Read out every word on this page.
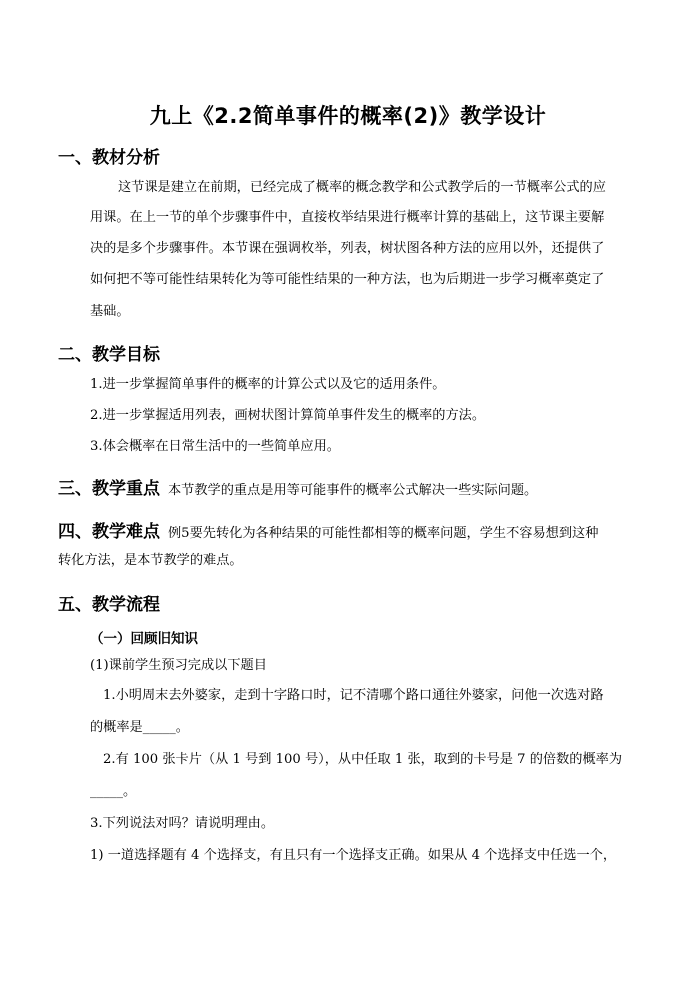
九上《2.2简单事件的概率(2)》教学设计
一、教材分析
这节课是建立在前期，已经完成了概率的概念教学和公式教学后的一节概率公式的应
用课。在上一节的单个步骤事件中，直接枚举结果进行概率计算的基础上，这节课主要解
决的是多个步骤事件。本节课在强调枚举，列表，树状图各种方法的应用以外，还提供了
如何把不等可能性结果转化为等可能性结果的一种方法，也为后期进一步学习概率奠定了
基础。
二、教学目标
1.进一步掌握简单事件的概率的计算公式以及它的适用条件。
2.进一步掌握适用列表，画树状图计算简单事件发生的概率的方法。
3.体会概率在日常生活中的一些简单应用。
三、教学重点 本节教学的重点是用等可能事件的概率公式解决一些实际问题。
四、教学难点 例5要先转化为各种结果的可能性都相等的概率问题，学生不容易想到这种
转化方法，是本节教学的难点。
五、教学流程
（一）回顾旧知识
(1)课前学生预习完成以下题目
1.小明周末去外婆家，走到十字路口时，记不清哪个路口通往外婆家，问他一次选对路
的概率是_____。
2.有 100 张卡片（从 1 号到 100 号），从中任取 1 张，取到的卡号是 7 的倍数的概率为
_____。
3.下列说法对吗？请说明理由。
1) 一道选择题有 4 个选择支，有且只有一个选择支正确。如果从 4 个选择支中任选一个，
